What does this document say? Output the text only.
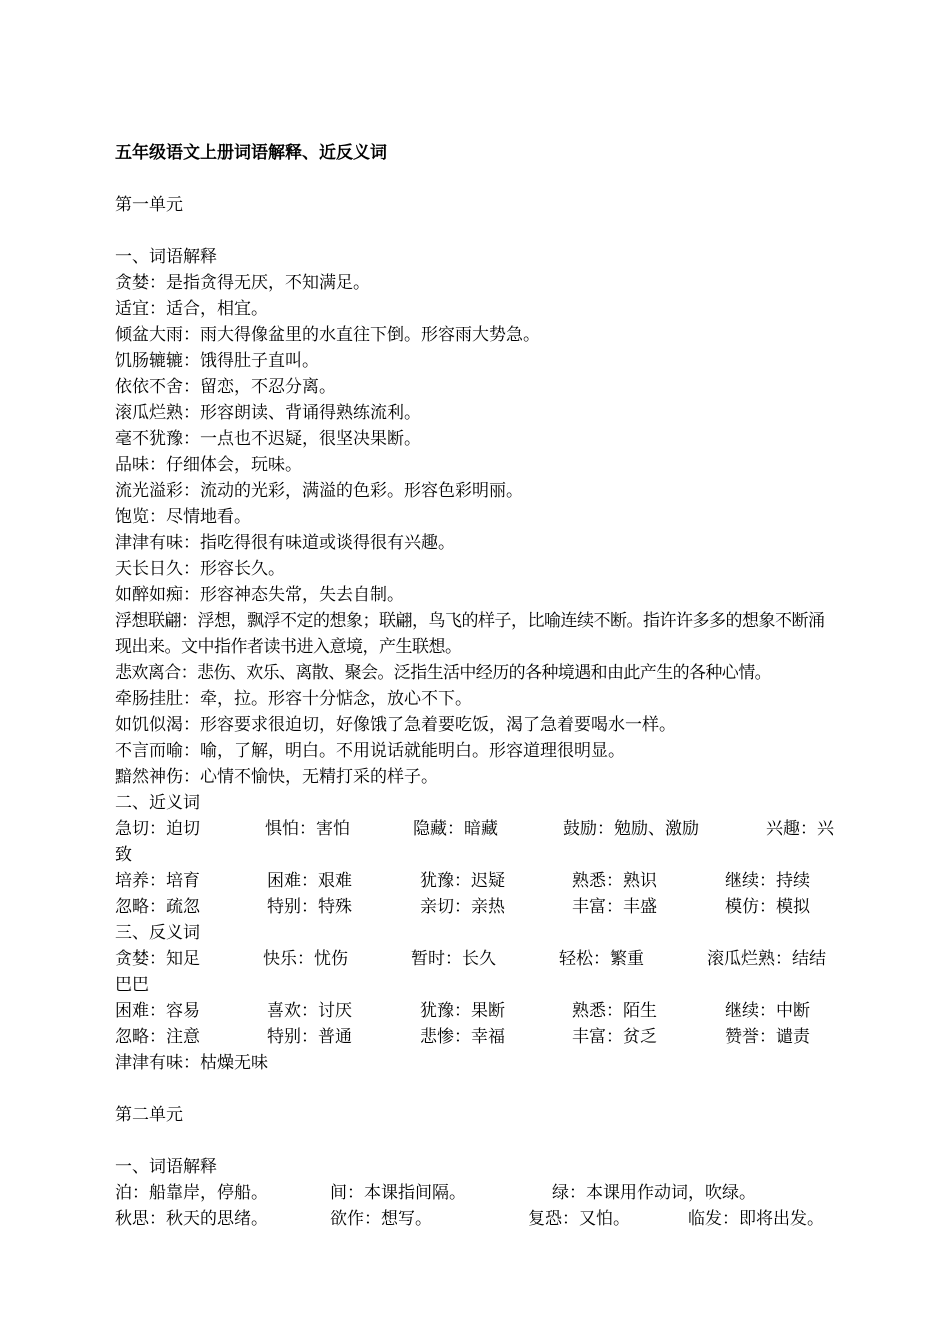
五年级语文上册词语解释、近反义词
第一单元
一、词语解释
贪婪：是指贪得无厌，不知满足。
适宜：适合，相宜。
倾盆大雨：雨大得像盆里的水直往下倒。形容雨大势急。
饥肠辘辘：饿得肚子直叫。
依依不舍：留恋，不忍分离。
滚瓜烂熟：形容朗读、背诵得熟练流利。
毫不犹豫：一点也不迟疑，很坚决果断。
品味：仔细体会，玩味。
流光溢彩：流动的光彩，满溢的色彩。形容色彩明丽。
饱览：尽情地看。
津津有味：指吃得很有味道或谈得很有兴趣。
天长日久：形容长久。
如醉如痴：形容神态失常，失去自制。
浮想联翩：浮想，飘浮不定的想象；联翩，鸟飞的样子，比喻连续不断。指许许多多的想象不断涌现出来。文中指作者读书进入意境，产生联想。
悲欢离合：悲伤、欢乐、离散、聚会。泛指生活中经历的各种境遇和由此产生的各种心情。
牵肠挂肚：牵，拉。形容十分惦念，放心不下。
如饥似渴：形容要求很迫切，好像饿了急着要吃饭，渴了急着要喝水一样。
不言而喻：喻，了解，明白。不用说话就能明白。形容道理很明显。
黯然神伤：心情不愉快，无精打采的样子。
二、近义词
急切：迫切	惧怕：害怕	隐藏：暗藏	鼓励：勉励、激励	兴趣：兴
致
培养：培育	困难：艰难	犹豫：迟疑	熟悉：熟识	继续：持续
忽略：疏忽	特别：特殊	亲切：亲热	丰富：丰盛	模仿：模拟
三、反义词
贪婪：知足	快乐：忧伤	暂时：长久	轻松：繁重	滚瓜烂熟：结结
巴巴
困难：容易	喜欢：讨厌	犹豫：果断	熟悉：陌生	继续：中断
忽略：注意	特别：普通	悲惨：幸福	丰富：贫乏	赞誉：谴责
津津有味：枯燥无味
第二单元
一、词语解释
泊：船靠岸，停船。	间：本课指间隔。	绿：本课用作动词，吹绿。
秋思：秋天的思绪。	欲作：想写。	复恐：又怕。	临发：即将出发。
